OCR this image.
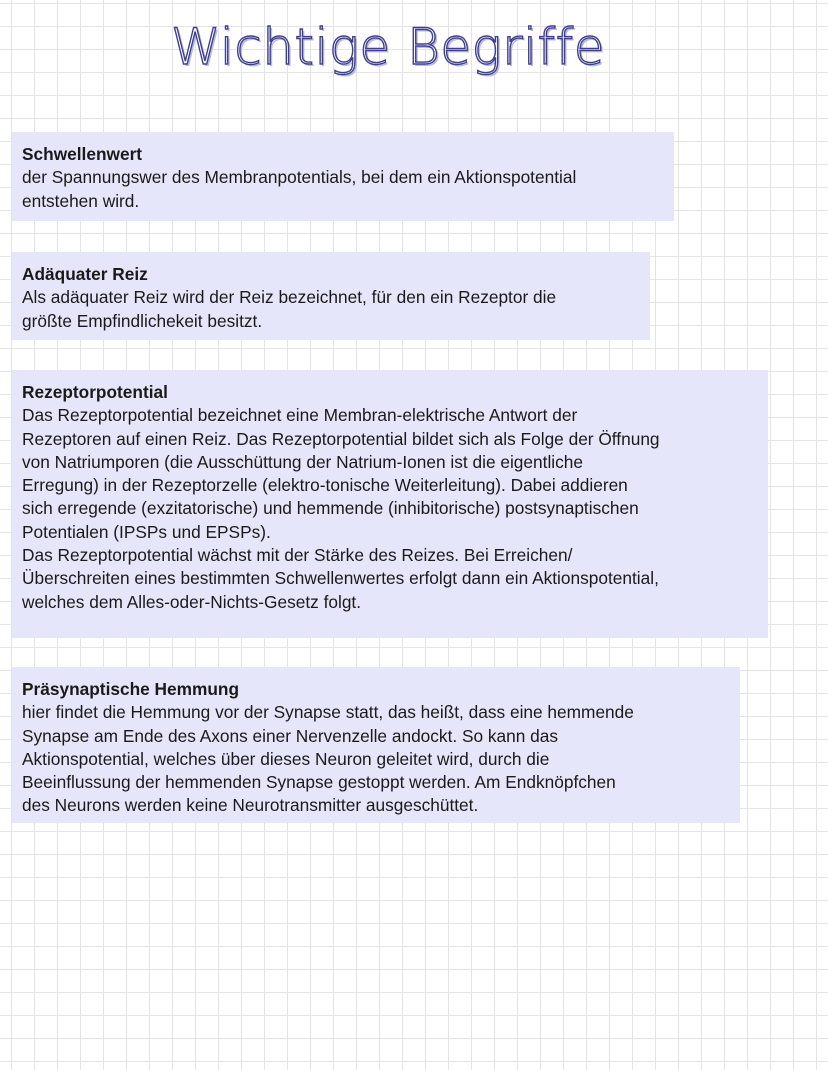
Wichtige Begriffe
Schwellenwert
der Spannungswer des Membranpotentials, bei dem ein Aktionspotential
entstehen wird.
Adäquater Reiz
Als adäquater Reiz wird der Reiz bezeichnet, für den ein Rezeptor die
größte Empfindlichekeit besitzt.
Rezeptorpotential
Das Rezeptorpotential bezeichnet eine Membran-elektrische Antwort der
Rezeptoren auf einen Reiz. Das Rezeptorpotential bildet sich als Folge der Öffnung
von Natriumporen (die Ausschüttung der Natrium-Ionen ist die eigentliche
Erregung) in der Rezeptorzelle (elektro-tonische Weiterleitung). Dabei addieren
sich erregende (exzitatorische) und hemmende (inhibitorische) postsynaptischen
Potentialen (IPSPs und EPSPs).
Das Rezeptorpotential wächst mit der Stärke des Reizes. Bei Erreichen/
Überschreiten eines bestimmten Schwellenwertes erfolgt dann ein Aktionspotential,
welches dem Alles-oder-Nichts-Gesetz folgt.
Präsynaptische Hemmung
hier findet die Hemmung vor der Synapse statt, das heißt, dass eine hemmende
Synapse am Ende des Axons einer Nervenzelle andockt. So kann das
Aktionspotential, welches über dieses Neuron geleitet wird, durch die
Beeinflussung der hemmenden Synapse gestoppt werden. Am Endknöpfchen
des Neurons werden keine Neurotransmitter ausgeschüttet.
